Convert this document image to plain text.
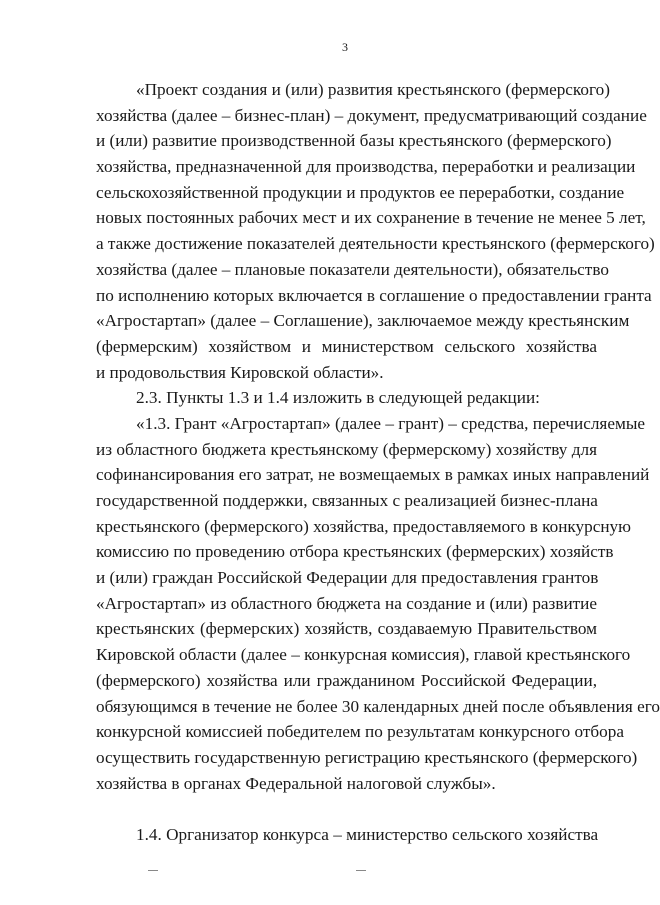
3
«Проект создания и (или) развития крестьянского (фермерского)
хозяйства (далее – бизнес-план) – документ, предусматривающий создание
и (или) развитие производственной базы крестьянского (фермерского)
хозяйства, предназначенной для производства, переработки и реализации
сельскохозяйственной продукции и продуктов ее переработки, создание
новых постоянных рабочих мест и их сохранение в течение не менее 5 лет,
а также достижение показателей деятельности крестьянского (фермерского)
хозяйства (далее – плановые показатели деятельности), обязательство
по исполнению которых включается в соглашение о предоставлении гранта
«Агростартап» (далее – Соглашение), заключаемое между крестьянским
(фермерским) хозяйством и министерством сельского хозяйства
и продовольствия Кировской области».
2.3. Пункты 1.3 и 1.4 изложить в следующей редакции:
«1.3. Грант «Агростартап» (далее – грант) – средства, перечисляемые
из областного бюджета крестьянскому (фермерскому) хозяйству для
софинансирования его затрат, не возмещаемых в рамках иных направлений
государственной поддержки, связанных с реализацией бизнес-плана
крестьянского (фермерского) хозяйства, предоставляемого в конкурсную
комиссию по проведению отбора крестьянских (фермерских) хозяйств
и (или) граждан Российской Федерации для предоставления грантов
«Агростартап» из областного бюджета на создание и (или) развитие
крестьянских (фермерских) хозяйств, создаваемую Правительством
Кировской области (далее – конкурсная комиссия), главой крестьянского
(фермерского) хозяйства или гражданином Российской Федерации,
обязующимся в течение не более 30 календарных дней после объявления его
конкурсной комиссией победителем по результатам конкурсного отбора
осуществить государственную регистрацию крестьянского (фермерского)
хозяйства в органах Федеральной налоговой службы».
1.4. Организатор конкурса – министерство сельского хозяйства
